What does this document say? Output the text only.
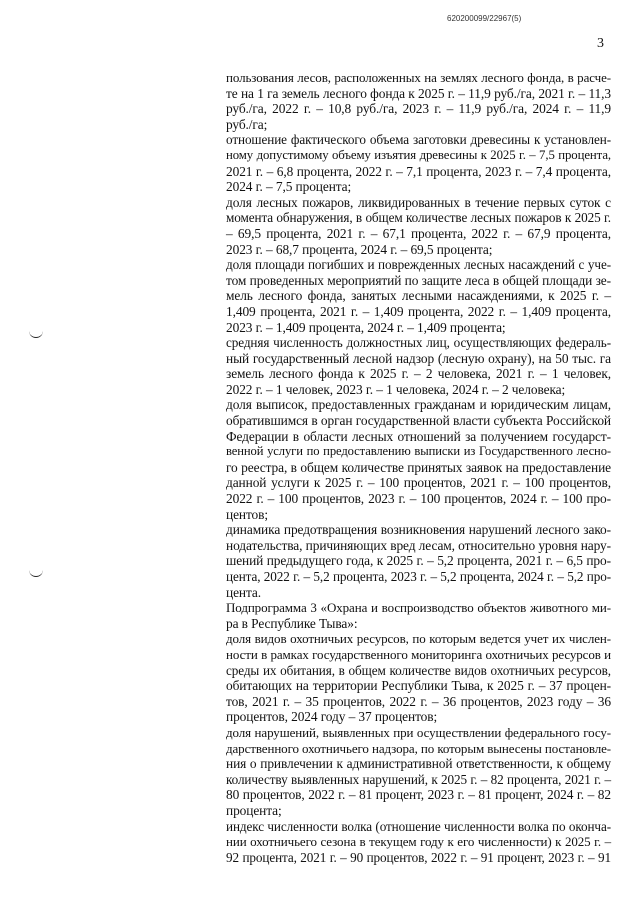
620200099/22967(5)
3
пользования лесов, расположенных на землях лесного фонда, в расче-
те на 1 га земель лесного фонда к 2025 г. – 11,9 руб./га, 2021 г. – 11,3
руб./га, 2022 г. – 10,8 руб./га, 2023 г. – 11,9 руб./га, 2024 г. – 11,9
руб./га;
отношение фактического объема заготовки древесины к установлен-
ному допустимому объему изъятия древесины к 2025 г. – 7,5 процента,
2021 г. – 6,8 процента, 2022 г. – 7,1 процента, 2023 г. – 7,4 процента,
2024 г. – 7,5 процента;
доля лесных пожаров, ликвидированных в течение первых суток с
момента обнаружения, в общем количестве лесных пожаров к 2025 г.
– 69,5 процента, 2021 г. – 67,1 процента, 2022 г. – 67,9 процента,
2023 г. – 68,7 процента, 2024 г. – 69,5 процента;
доля площади погибших и поврежденных лесных насаждений с уче-
том проведенных мероприятий по защите леса в общей площади зе-
мель лесного фонда, занятых лесными насаждениями, к 2025 г. –
1,409 процента, 2021 г. – 1,409 процента, 2022 г. – 1,409 процента,
2023 г. – 1,409 процента, 2024 г. – 1,409 процента;
средняя численность должностных лиц, осуществляющих федераль-
ный государственный лесной надзор (лесную охрану), на 50 тыс. га
земель лесного фонда к 2025 г. – 2 человека, 2021 г. – 1 человек,
2022 г. – 1 человек, 2023 г. – 1 человека, 2024 г. – 2 человека;
доля выписок, предоставленных гражданам и юридическим лицам,
обратившимся в орган государственной власти субъекта Российской
Федерации в области лесных отношений за получением государст-
венной услуги по предоставлению выписки из Государственного лесно-
го реестра, в общем количестве принятых заявок на предоставление
данной услуги к 2025 г. – 100 процентов, 2021 г. – 100 процентов,
2022 г. – 100 процентов, 2023 г. – 100 процентов, 2024 г. – 100 про-
центов;
динамика предотвращения возникновения нарушений лесного зако-
нодательства, причиняющих вред лесам, относительно уровня нару-
шений предыдущего года, к 2025 г. – 5,2 процента, 2021 г. – 6,5 про-
цента, 2022 г. – 5,2 процента, 2023 г. – 5,2 процента, 2024 г. – 5,2 про-
цента.
Подпрограмма 3 «Охрана и воспроизводство объектов животного ми-
ра в Республике Тыва»:
доля видов охотничьих ресурсов, по которым ведется учет их числен-
ности в рамках государственного мониторинга охотничьих ресурсов и
среды их обитания, в общем количестве видов охотничьих ресурсов,
обитающих на территории Республики Тыва, к 2025 г. – 37 процен-
тов, 2021 г. – 35 процентов, 2022 г. – 36 процентов, 2023 году – 36
процентов, 2024 году – 37 процентов;
доля нарушений, выявленных при осуществлении федерального госу-
дарственного охотничьего надзора, по которым вынесены постановле-
ния о привлечении к административной ответственности, к общему
количеству выявленных нарушений, к 2025 г. – 82 процента, 2021 г. –
80 процентов, 2022 г. – 81 процент, 2023 г. – 81 процент, 2024 г. – 82
процента;
индекс численности волка (отношение численности волка по оконча-
нии охотничьего сезона в текущем году к его численности) к 2025 г. –
92 процента, 2021 г. – 90 процентов, 2022 г. – 91 процент, 2023 г. – 91
